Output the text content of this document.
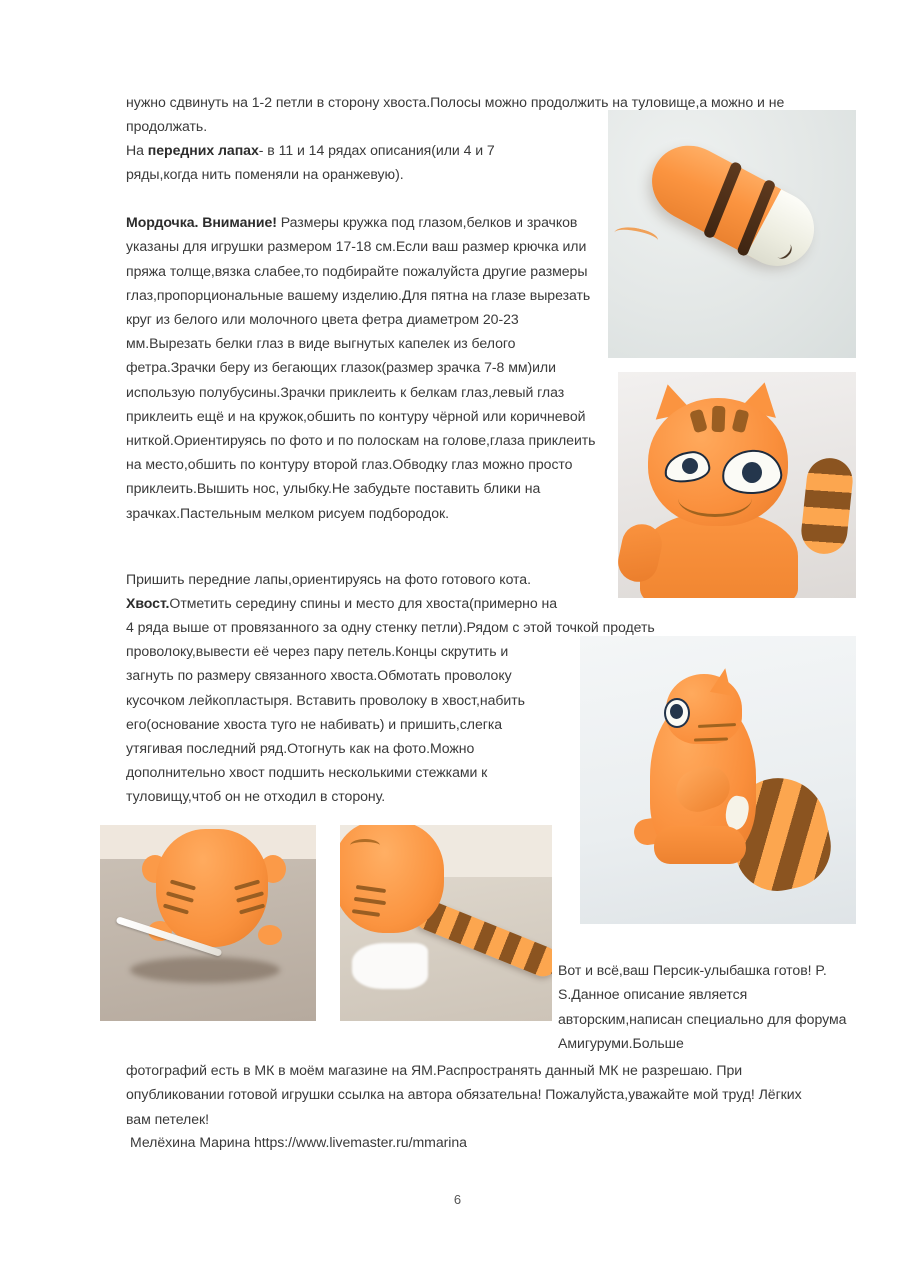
нужно сдвинуть на 1-2 петли в сторону хвоста.Полосы можно продолжить на туловище,а можно и не продолжать.

На передних лапах- в 11 и 14 рядах описания(или 4 и 7 ряды,когда нить поменяли на оранжевую).

Мордочка. Внимание! Размеры кружка под глазом,белков и зрачков указаны для игрушки размером 17-18 см.Если ваш размер крючка или пряжа толще,вязка слабее,то подбирайте пожалуйста другие размеры глаз,пропорциональные вашему изделию.Для пятна на глазе вырезать круг из белого или молочного цвета фетра диаметром 20-23 мм.Вырезать белки глаз в виде выгнутых капелек из белого фетра.Зрачки беру из бегающих глазок(размер зрачка 7-8 мм)или использую полубусины.Зрачки приклеить к белкам глаз,левый глаз приклеить ещё и на кружок,обшить по контуру чёрной или коричневой ниткой.Ориентируясь по фото и по полоскам на голове,глаза приклеить на место,обшить по контуру второй глаз.Обводку глаз можно просто приклеить.Вышить нос, улыбку.Не забудьте поставить блики на зрачках.Пастельным мелком рисуем подбородок.

Пришить передние лапы,ориентируясь на фото готового кота.

Хвост.Отметить середину спины и место для хвоста(примерно на

4 ряда выше от провязанного за одну стенку петли).Рядом с этой точкой продеть

проволоку,вывести её через пару петель.Концы скрутить и загнуть по размеру связанного хвоста.Обмотать проволоку кусочком лейкопластыря. Вставить проволоку в хвост,набить его(основание хвоста туго не набивать) и пришить,слегка утягивая последний ряд.Отогнуть как на фото.Можно дополнительно хвост подшить несколькими стежками к туловищу,чтоб он не отходил в сторону.

Вот и всё,ваш Персик-улыбашка готов! P. S.Данное описание является авторским,написан специально для форума Амигуруми.Больше

фотографий есть в МК в моём магазине на ЯМ.Распространять данный МК не разрешаю. При опубликовании готовой игрушки ссылка на автора обязательна! Пожалуйста,уважайте мой труд! Лёгких вам петелек!

Мелёхина Марина https://www.livemaster.ru/mmarina

6
